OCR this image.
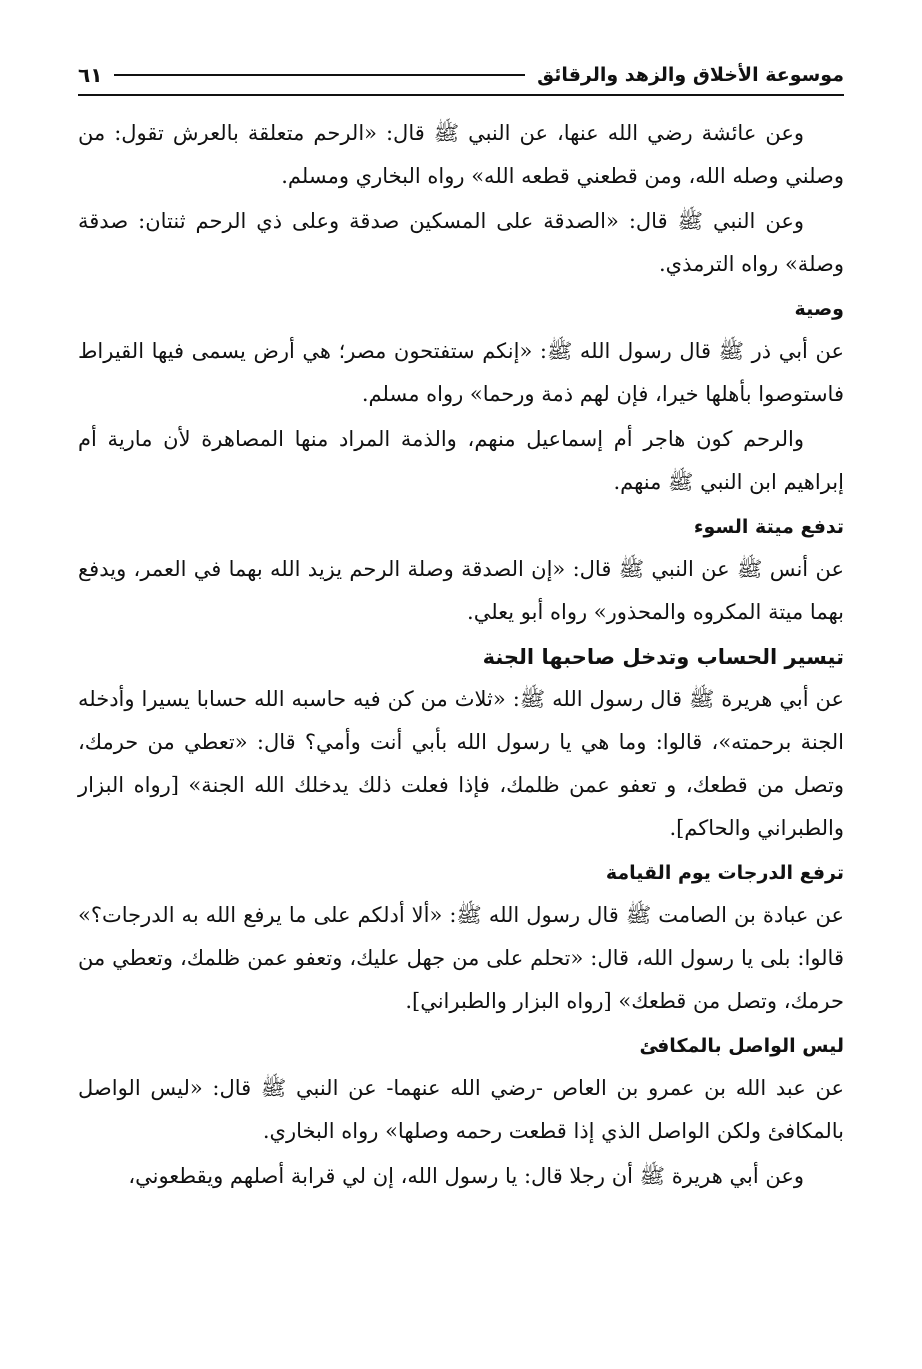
موسوعة الأخلاق والزهد والرقائق
٦١

وعن عائشة رضي الله عنها، عن النبي ﷺ قال: «الرحم متعلقة بالعرش تقول: من وصلني وصله الله، ومن قطعني قطعه الله» رواه البخاري ومسلم.

وعن النبي ﷺ قال: «الصدقة على المسكين صدقة وعلى ذي الرحم ثنتان: صدقة وصلة» رواه الترمذي.

وصية

عن أبي ذر ﷺ قال رسول الله ﷺ: «إنكم ستفتحون مصر؛ هي أرض يسمى فيها القيراط فاستوصوا بأهلها خيرا، فإن لهم ذمة ورحما» رواه مسلم.

والرحم كون هاجر أم إسماعيل منهم، والذمة المراد منها المصاهرة لأن مارية أم إبراهيم ابن النبي ﷺ منهم.

تدفع ميتة السوء

عن أنس ﷺ عن النبي ﷺ قال: «إن الصدقة وصلة الرحم يزيد الله بهما في العمر، ويدفع بهما ميتة المكروه والمحذور» رواه أبو يعلي.

تيسير الحساب وتدخل صاحبها الجنة

عن أبي هريرة ﷺ قال رسول الله ﷺ: «ثلاث من كن فيه حاسبه الله حسابا يسيرا وأدخله الجنة برحمته»، قالوا: وما هي يا رسول الله بأبي أنت وأمي؟ قال: «تعطي من حرمك، وتصل من قطعك، و تعفو عمن ظلمك، فإذا فعلت ذلك يدخلك الله الجنة» [رواه البزار والطبراني والحاكم].

ترفع الدرجات يوم القيامة

عن عبادة بن الصامت ﷺ قال رسول الله ﷺ: «ألا أدلكم على ما يرفع الله به الدرجات؟» قالوا: بلى يا رسول الله، قال: «تحلم على من جهل عليك، وتعفو عمن ظلمك، وتعطي من حرمك، وتصل من قطعك» [رواه البزار والطبراني].

ليس الواصل بالمكافئ

عن عبد الله بن عمرو بن العاص -رضي الله عنهما- عن النبي ﷺ قال: «ليس الواصل بالمكافئ ولكن الواصل الذي إذا قطعت رحمه وصلها» رواه البخاري.

وعن أبي هريرة ﷺ أن رجلا قال: يا رسول الله، إن لي قرابة أصلهم ويقطعوني،
